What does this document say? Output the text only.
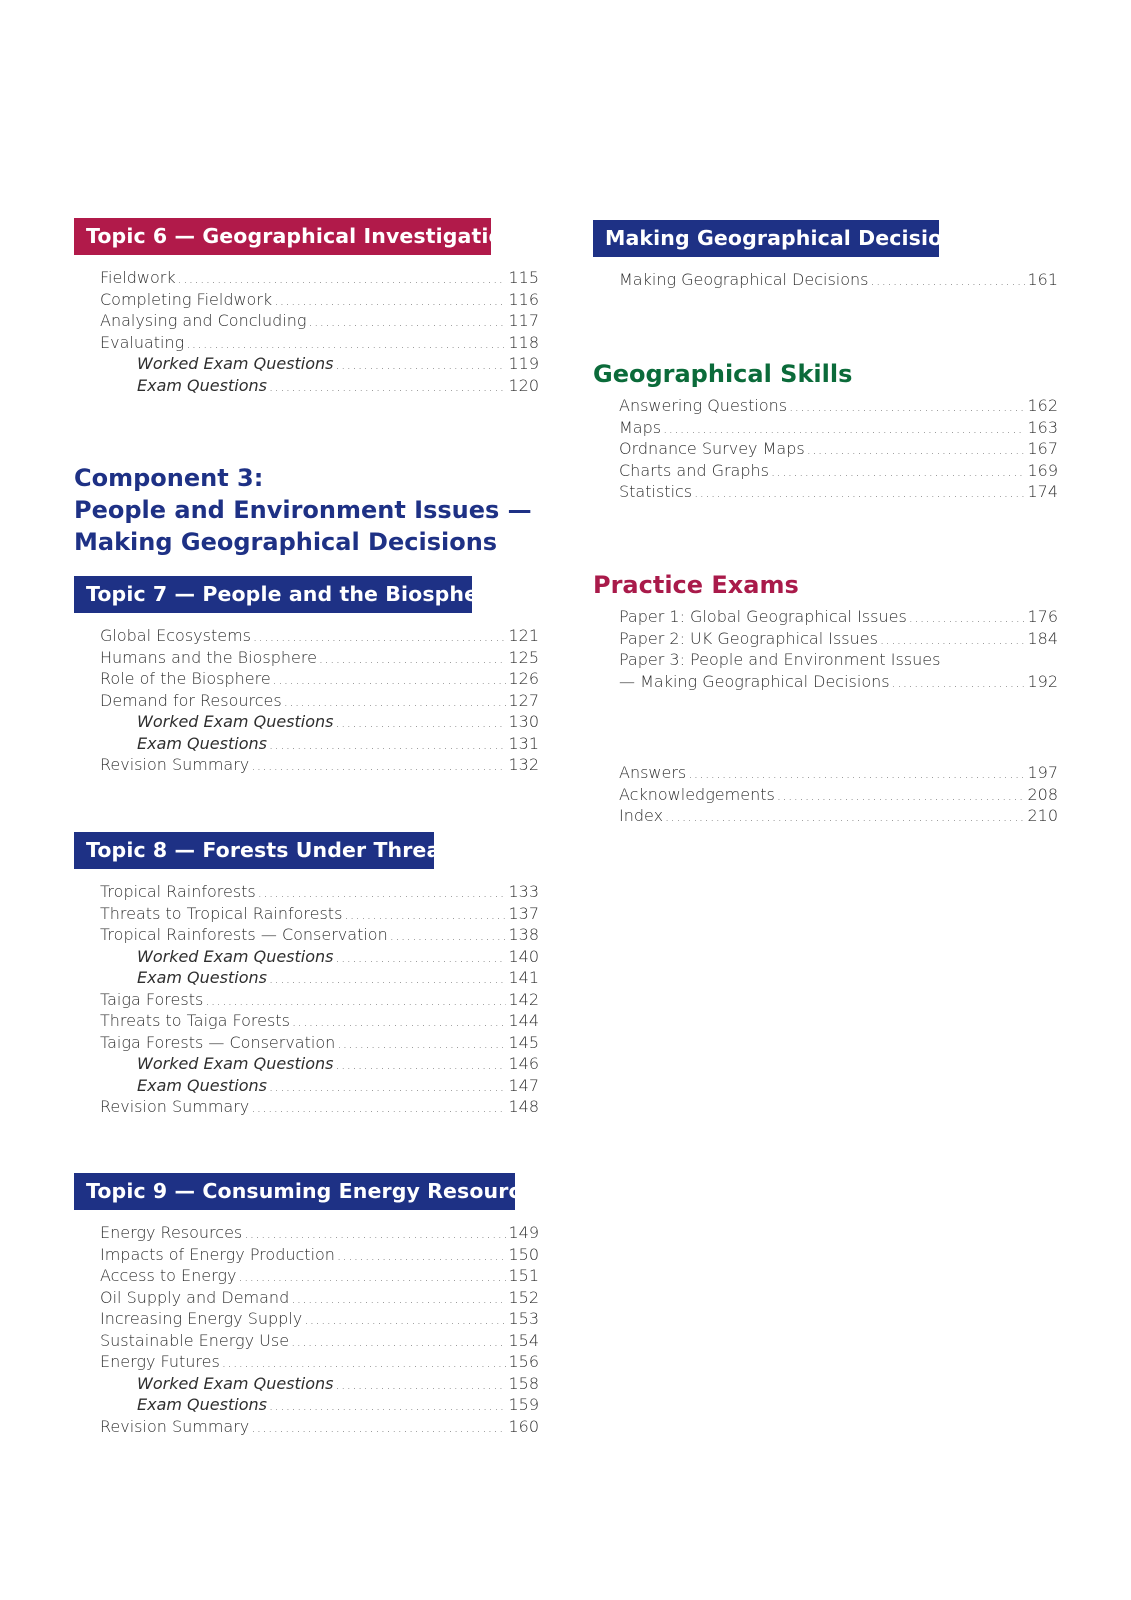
Topic 6 — Geographical Investigations
Fieldwork .....	115
Completing Fieldwork .....	116
Analysing and Concluding .....	117
Evaluating .....	118
Worked Exam Questions .....	119
Exam Questions .....	120
Component 3:
People and Environment Issues —
Making Geographical Decisions
Topic 7 — People and the Biosphere
Global Ecosystems .....	121
Humans and the Biosphere .....	125
Role of the Biosphere .....	126
Demand for Resources .....	127
Worked Exam Questions .....	130
Exam Questions .....	131
Revision Summary .....	132
Topic 8 — Forests Under Threat
Tropical Rainforests .....	133
Threats to Tropical Rainforests .....	137
Tropical Rainforests — Conservation .....	138
Worked Exam Questions .....	140
Exam Questions .....	141
Taiga Forests .....	142
Threats to Taiga Forests .....	144
Taiga Forests — Conservation .....	145
Worked Exam Questions .....	146
Exam Questions .....	147
Revision Summary .....	148
Topic 9 — Consuming Energy Resources
Energy Resources .....	149
Impacts of Energy Production .....	150
Access to Energy .....	151
Oil Supply and Demand .....	152
Increasing Energy Supply .....	153
Sustainable Energy Use .....	154
Energy Futures .....	156
Worked Exam Questions .....	158
Exam Questions .....	159
Revision Summary .....	160
Making Geographical Decisions
Making Geographical Decisions .....	161
Geographical Skills
Answering Questions .....	162
Maps .....	163
Ordnance Survey Maps .....	167
Charts and Graphs .....	169
Statistics .....	174
Practice Exams
Paper 1: Global Geographical Issues .....	176
Paper 2: UK Geographical Issues .....	184
Paper 3: People and Environment Issues
— Making Geographical Decisions .....	192
Answers .....	197
Acknowledgements .....	208
Index .....	210
